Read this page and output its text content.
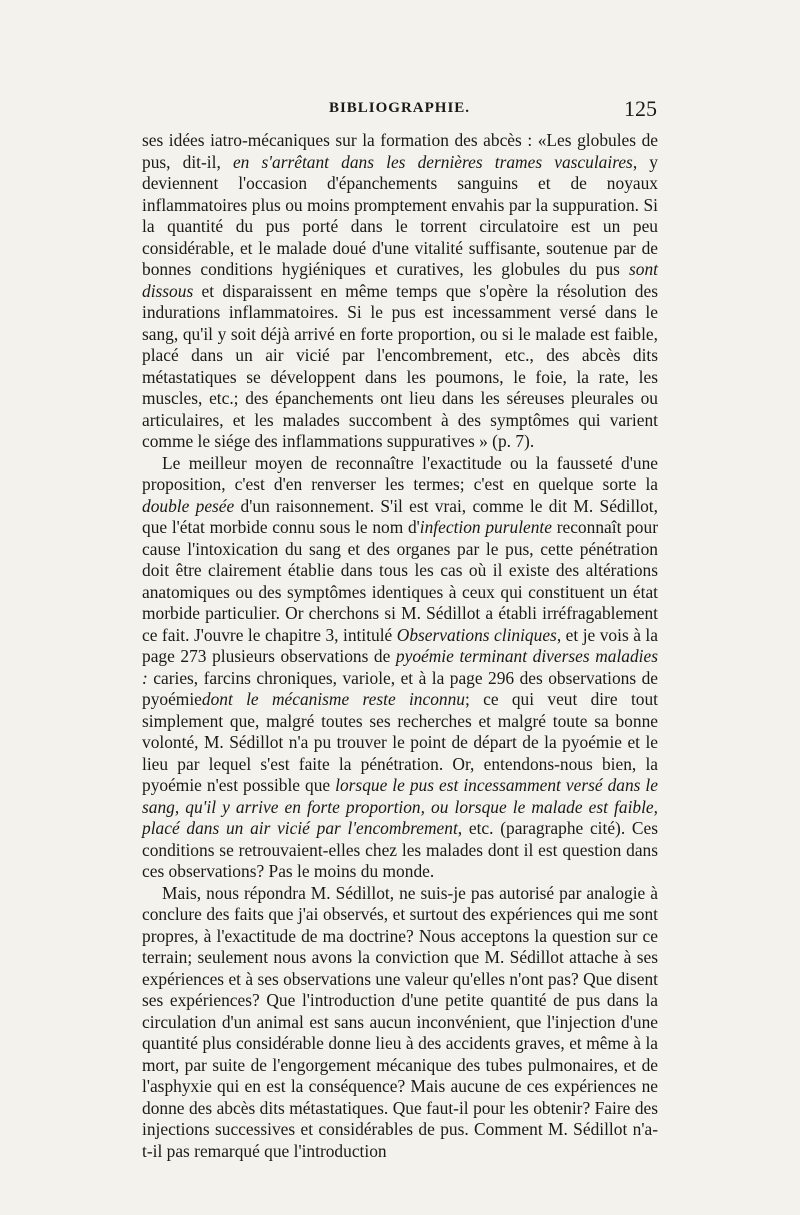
BIBLIOGRAPHIE.	125

ses idées iatro-mécaniques sur la formation des abcès : «Les globules de pus, dit-il, en s'arrêtant dans les dernières trames vasculaires, y deviennent l'occasion d'épanchements sanguins et de noyaux inflammatoires plus ou moins promptement envahis par la suppuration. Si la quantité du pus porté dans le torrent circulatoire est un peu considérable, et le malade doué d'une vitalité suffisante, soutenue par de bonnes conditions hygiéniques et curatives, les globules du pus sont dissous et disparaissent en même temps que s'opère la résolution des indurations inflammatoires. Si le pus est incessamment versé dans le sang, qu'il y soit déjà arrivé en forte proportion, ou si le malade est faible, placé dans un air vicié par l'encombrement, etc., des abcès dits métastatiques se développent dans les poumons, le foie, la rate, les muscles, etc.; des épanchements ont lieu dans les séreuses pleurales ou articulaires, et les malades succombent à des symptômes qui varient comme le siége des inflammations suppuratives » (p. 7).

Le meilleur moyen de reconnaître l'exactitude ou la fausseté d'une proposition, c'est d'en renverser les termes; c'est en quelque sorte la double pesée d'un raisonnement. S'il est vrai, comme le dit M. Sédillot, que l'état morbide connu sous le nom d'infection purulente reconnaît pour cause l'intoxication du sang et des organes par le pus, cette pénétration doit être clairement établie dans tous les cas où il existe des altérations anatomiques ou des symptômes identiques à ceux qui constituent un état morbide particulier. Or cherchons si M. Sédillot a établi irréfragablement ce fait. J'ouvre le chapitre 3, intitulé Observations cliniques, et je vois à la page 273 plusieurs observations de pyoémie terminant diverses maladies : caries, farcins chroniques, variole, et à la page 296 des observations de pyoémiedont le mécanisme reste inconnu; ce qui veut dire tout simplement que, malgré toutes ses recherches et malgré toute sa bonne volonté, M. Sédillot n'a pu trouver le point de départ de la pyoémie et le lieu par lequel s'est faite la pénétration. Or, entendons-nous bien, la pyoémie n'est possible que lorsque le pus est incessamment versé dans le sang, qu'il y arrive en forte proportion, ou lorsque le malade est faible, placé dans un air vicié par l'encombrement, etc. (paragraphe cité). Ces conditions se retrouvaient-elles chez les malades dont il est question dans ces observations? Pas le moins du monde.

Mais, nous répondra M. Sédillot, ne suis-je pas autorisé par analogie à conclure des faits que j'ai observés, et surtout des expériences qui me sont propres, à l'exactitude de ma doctrine? Nous acceptons la question sur ce terrain; seulement nous avons la conviction que M. Sédillot attache à ses expériences et à ses observations une valeur qu'elles n'ont pas? Que disent ses expériences? Que l'introduction d'une petite quantité de pus dans la circulation d'un animal est sans aucun inconvénient, que l'injection d'une quantité plus considérable donne lieu à des accidents graves, et même à la mort, par suite de l'engorgement mécanique des tubes pulmonaires, et de l'asphyxie qui en est la conséquence? Mais aucune de ces expériences ne donne des abcès dits métastatiques. Que faut-il pour les obtenir? Faire des injections successives et considérables de pus. Comment M. Sédillot n'a-t-il pas remarqué que l'introduction
